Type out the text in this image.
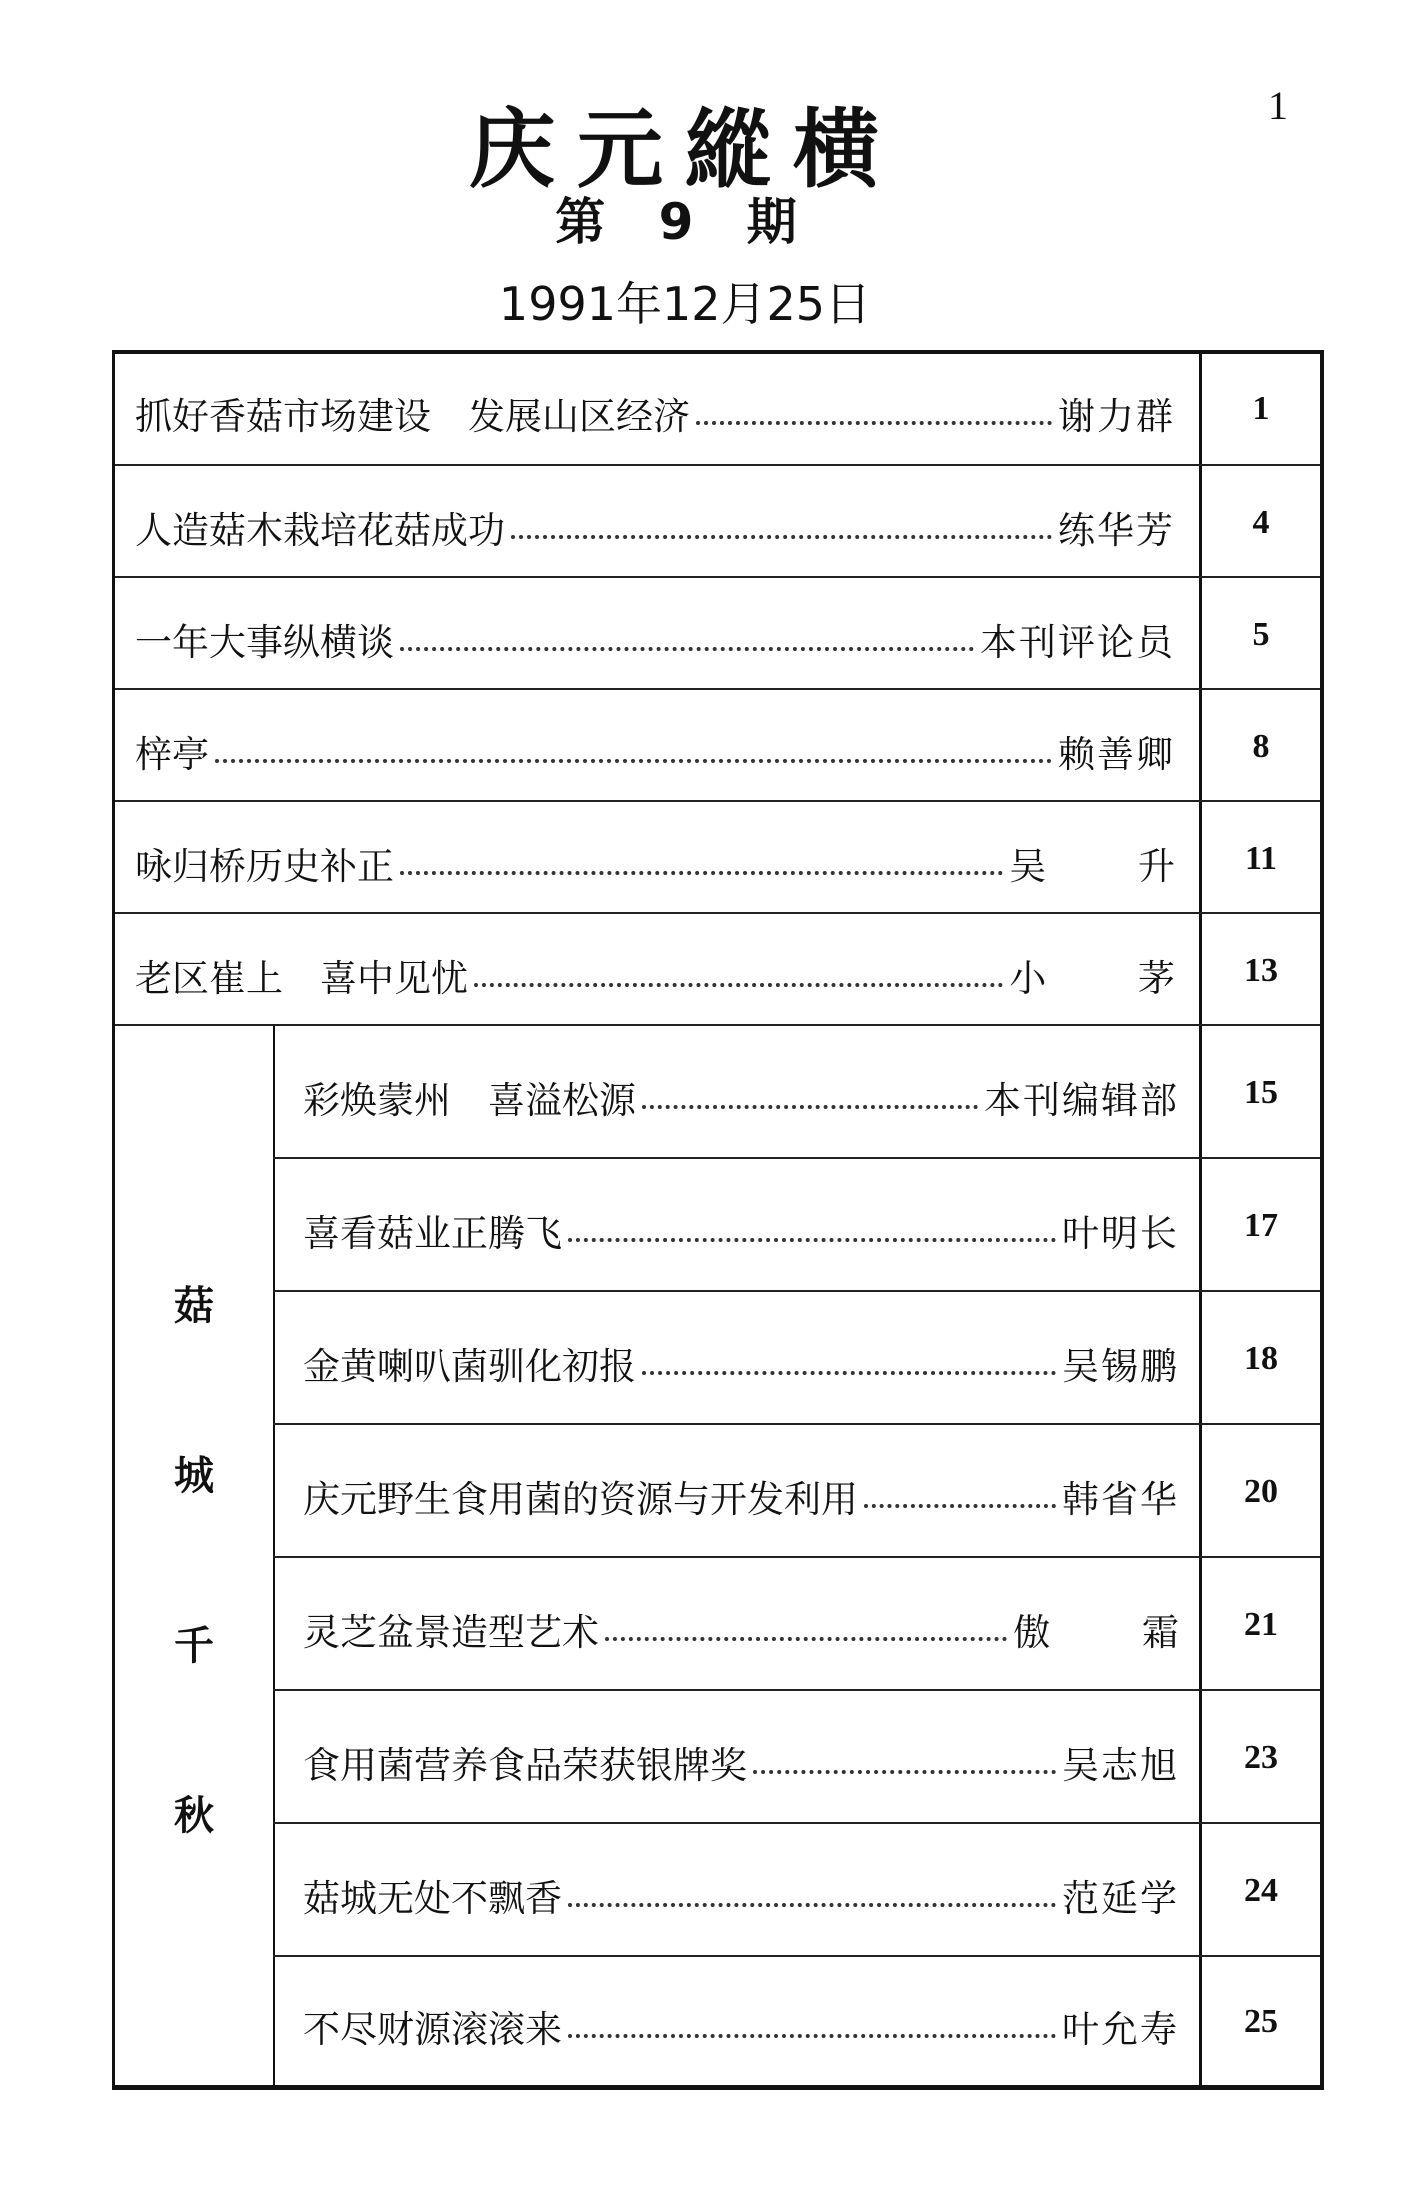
1
庆元縱横
第 9 期
1991年12月25日
抓好香菇市场建设　发展山区经济	谢力群	1
人造菇木栽培花菇成功	练华芳	4
一年大事纵横谈	本刊评论员	5
梓亭	赖善卿	8
咏归桥历史补正	吴 升 11
老区崔上　喜中见忧	小 茅 13
菇
城
千
秋
彩焕蒙州　喜溢松源	本刊编辑部	15
喜看菇业正腾飞	叶明长	17
金黄喇叭菌驯化初报	吴锡鹏	18
庆元野生食用菌的资源与开发利用	韩省华	20
灵芝盆景造型艺术	傲 霜 21
食用菌营养食品荣获银牌奖	吴志旭	23
菇城无处不飘香	范延学	24
不尽财源滚滚来	叶允寿	25
